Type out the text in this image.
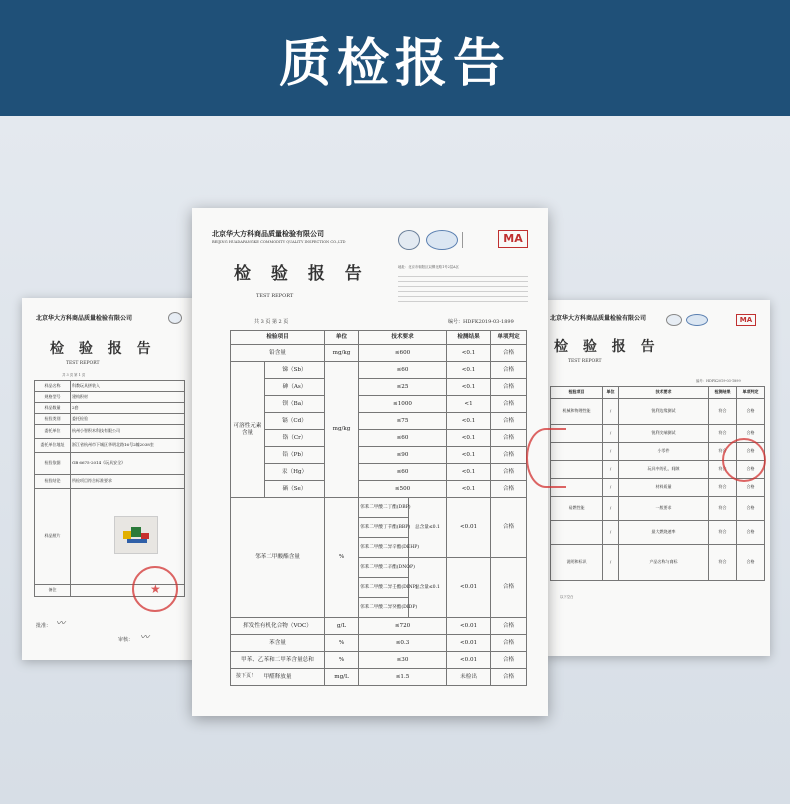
质检报告
北京华大方科商品质量检验有限公司
检 验 报 告
TEST REPORT
共 3 页 第 1 页
样品名称	科教玩具拼装入
规格型号	建构积材
样品数量	2套
检验类别	委托检验
委托单位	杭州小智积木科技有限公司
委托单位地址	浙江省杭州市下城区华明北路16号2幢2038室
检验依据	GB 6675-2014《玩具安全》
检验结论	所检项目符合标准要求
样品照片	
备注		★
批准： 〰
审核： 〰
北京华大方科商品质量检验有限公司	MA
检 验 报 告
TEST REPORT
编号：HDFK2019-03-1899
检验项目	单位	技术要求	检测结果	单项判定
机械和物理性能	/	锐利边缘测试	符合	合格
	/	锐利尖端测试	符合	合格
	/	小零件	符合	合格
	/	玩具中的孔、间隙	符合	合格
	/	材料质量	符合	合格
易燃性能	/	一般要求	符合	合格
	/	最大燃烧速率	符合	合格
说明和标识	/	产品名称与商标	符合	合格
以下空白
北京华大方科商品质量检验有限公司
BEIJING HUADAFANGKE COMMODITY QUALITY INSPECTION CO.,LTD	MA
检 验 报 告
TEST REPORT
地址：北京市朝阳区双柳北路1号2层A区
共 3 页 第 2 页	编号：HDFK2019-03-1899
检验项目		单位	技术要求		检测结果	单项判定
铅含量		mg/kg	≤600		<0.1	合格
可溶性元素含量	锑（Sb）	mg/kg	≤60		<0.1	合格
	砷（As）		≤25		<0.1	合格
	钡（Ba）		≤1000		<1	合格
	镉（Cd）		≤75		<0.1	合格
	铬（Cr）		≤60		<0.1	合格
	铅（Pb）		≤90		<0.1	合格
	汞（Hg）		≤60		<0.1	合格
	硒（Se）		≤500		<0.1	合格
邻苯二甲酸酯含量		%	邻苯二甲酸二丁酯(DBP)	总含量≤0.1	<0.01	合格
			邻苯二甲酸丁苄酯(BBP)			
			邻苯二甲酸二异辛酯(DEHP)			
			邻苯二甲酸二辛酯(DNOP)	总含量≤0.1	<0.01	合格
			邻苯二甲酸二异壬酯(DINP)			
			邻苯二甲酸二异癸酯(DIDP)			
挥发性有机化合物（VOC）		g/L	≤720		<0.01	合格
苯含量		%	≤0.3		<0.01	合格
甲苯、乙苯和二甲苯含量总和		%	≤30		<0.01	合格
甲醛释放量		mg/L	≤1.5		未检出	合格
接下页！
